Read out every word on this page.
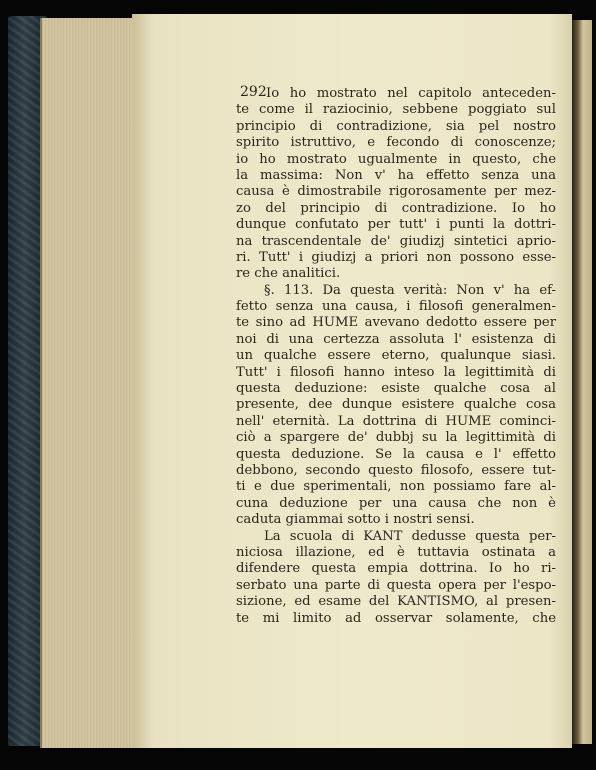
292 Io ho mostrato nel capitolo anteceden-
te come il raziocinio, sebbene poggiato sul
principio di contradizione, sia pel nostro
spirito istruttivo, e fecondo di conoscenze;
io ho mostrato ugualmente in questo, che
la massima: Non v' ha effetto senza una
causa è dimostrabile rigorosamente per mez-
zo del principio di contradizione. Io ho
dunque confutato per tutt' i punti la dottri-
na trascendentale de' giudizj sintetici aprio-
ri. Tutt' i giudizj a priori non possono esse-
re che analitici.
§. 113. Da questa verità: Non v' ha ef-
fetto senza una causa, i filosofi generalmen-
te sino ad HUME avevano dedotto essere per
noi di una certezza assoluta l' esistenza di
un qualche essere eterno, qualunque siasi.
Tutt' i filosofi hanno inteso la legittimità di
questa deduzione: esiste qualche cosa al
presente, dee dunque esistere qualche cosa
nell' eternità. La dottrina di HUME cominci-
ciò a spargere de' dubbj su la legittimità di
questa deduzione. Se la causa e l' effetto
debbono, secondo questo filosofo, essere tut-
ti e due sperimentali, non possiamo fare al-
cuna deduzione per una causa che non è
caduta giammai sotto i nostri sensi.
La scuola di KANT dedusse questa per-
niciosa illazione, ed è tuttavia ostinata a
difendere questa empia dottrina. Io ho ri-
serbato una parte di questa opera per l'espo-
sizione, ed esame del KANTISMO, al presen-
te mi limito ad osservar solamente, che
